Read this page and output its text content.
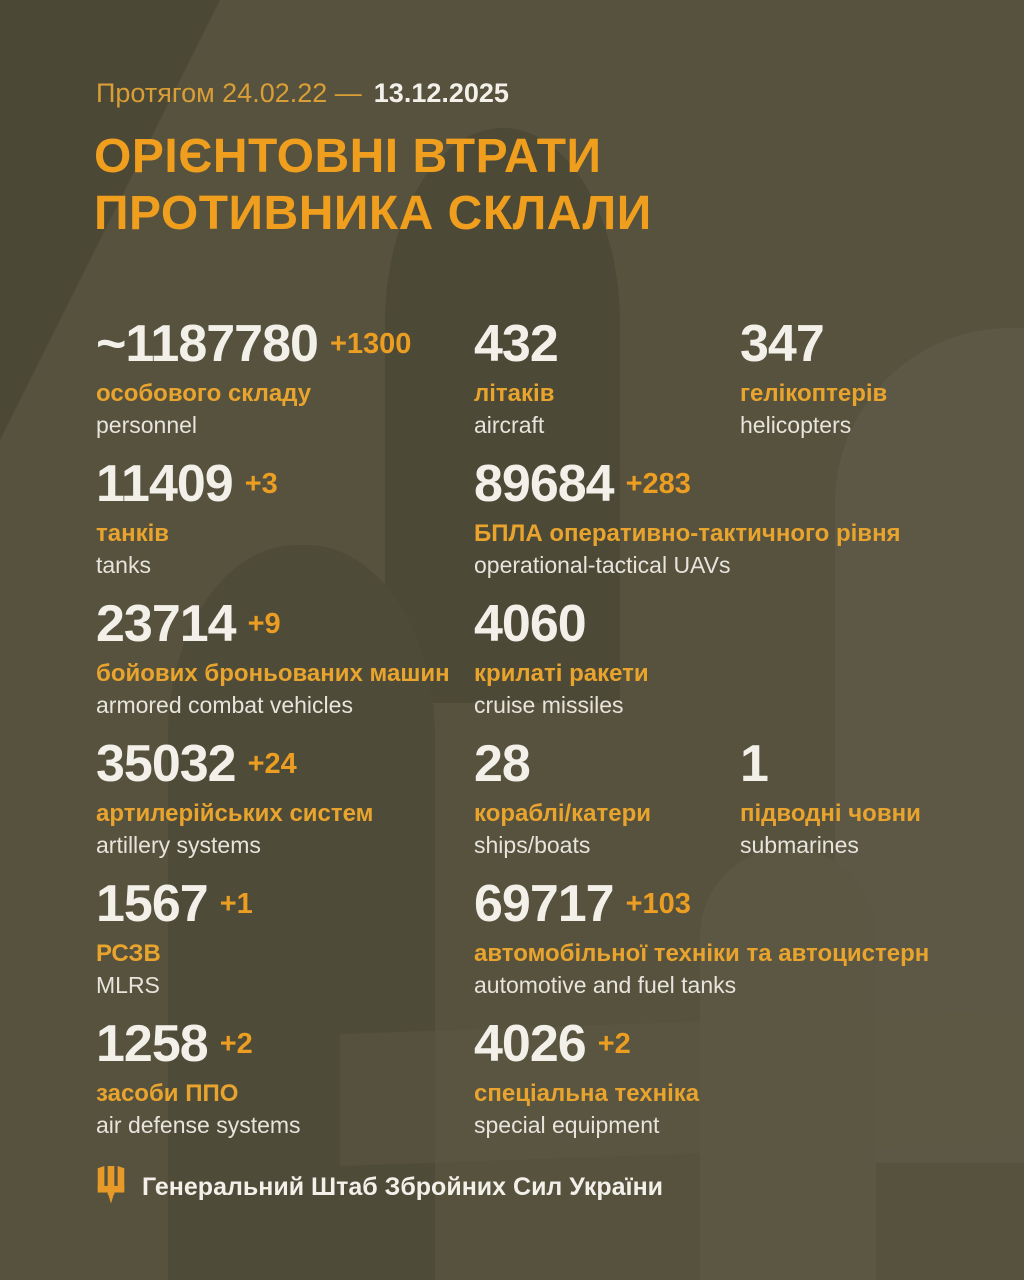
Протягом 24.02.22 — 13.12.2025
ОРІЄНТОВНІ ВТРАТИ
ПРОТИВНИКА СКЛАЛИ
~1187780 +1300
особового складу
personnel
432
літаків
aircraft
347
гелікоптерів
helicopters
11409 +3
танків
tanks
89684 +283
БПЛА оперативно-тактичного рівня
operational-tactical UAVs
23714 +9
бойових броньованих машин
armored combat vehicles
4060
крилаті ракети
cruise missiles
35032 +24
артилерійських систем
artillery systems
28
кораблі/катери
ships/boats
1
підводні човни
submarines
1567 +1
РСЗВ
MLRS
69717 +103
автомобільної техніки та автоцистерн
automotive and fuel tanks
1258 +2
засоби ППО
air defense systems
4026 +2
спеціальна техніка
special equipment
Генеральний Штаб Збройних Сил України
